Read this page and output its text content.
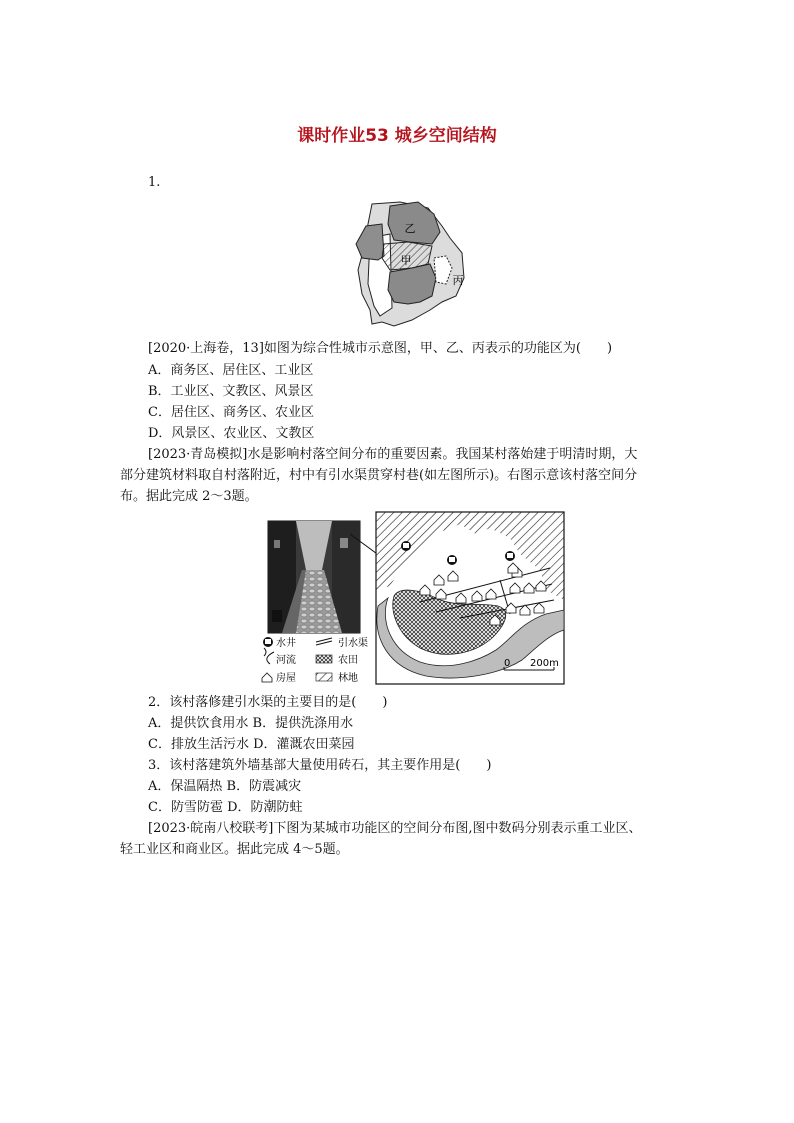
课时作业53 城乡空间结构
1.
乙
甲
丙
[2020·上海卷，13]如图为综合性城市示意图，甲、乙、丙表示的功能区为(　　)
A．商务区、居住区、工业区
B．工业区、文教区、风景区
C．居住区、商务区、农业区
D．风景区、农业区、文教区
[2023·青岛模拟]水是影响村落空间分布的重要因素。我国某村落始建于明清时期，大
部分建筑材料取自村落附近，村中有引水渠贯穿村巷(如左图所示)。右图示意该村落空间分
布。据此完成 2～3题。
水井	引水渠
河流	农田
房屋	林地
0 200m
2．该村落修建引水渠的主要目的是(　　)
A．提供饮食用水 B．提供洗涤用水
C．排放生活污水 D．灌溉农田菜园
3．该村落建筑外墙基部大量使用砖石，其主要作用是(　　)
A．保温隔热 B．防震减灾
C．防雪防雹 D．防潮防蛀
[2023·皖南八校联考]下图为某城市功能区的空间分布图,图中数码分别表示重工业区、
轻工业区和商业区。据此完成 4～5题。
